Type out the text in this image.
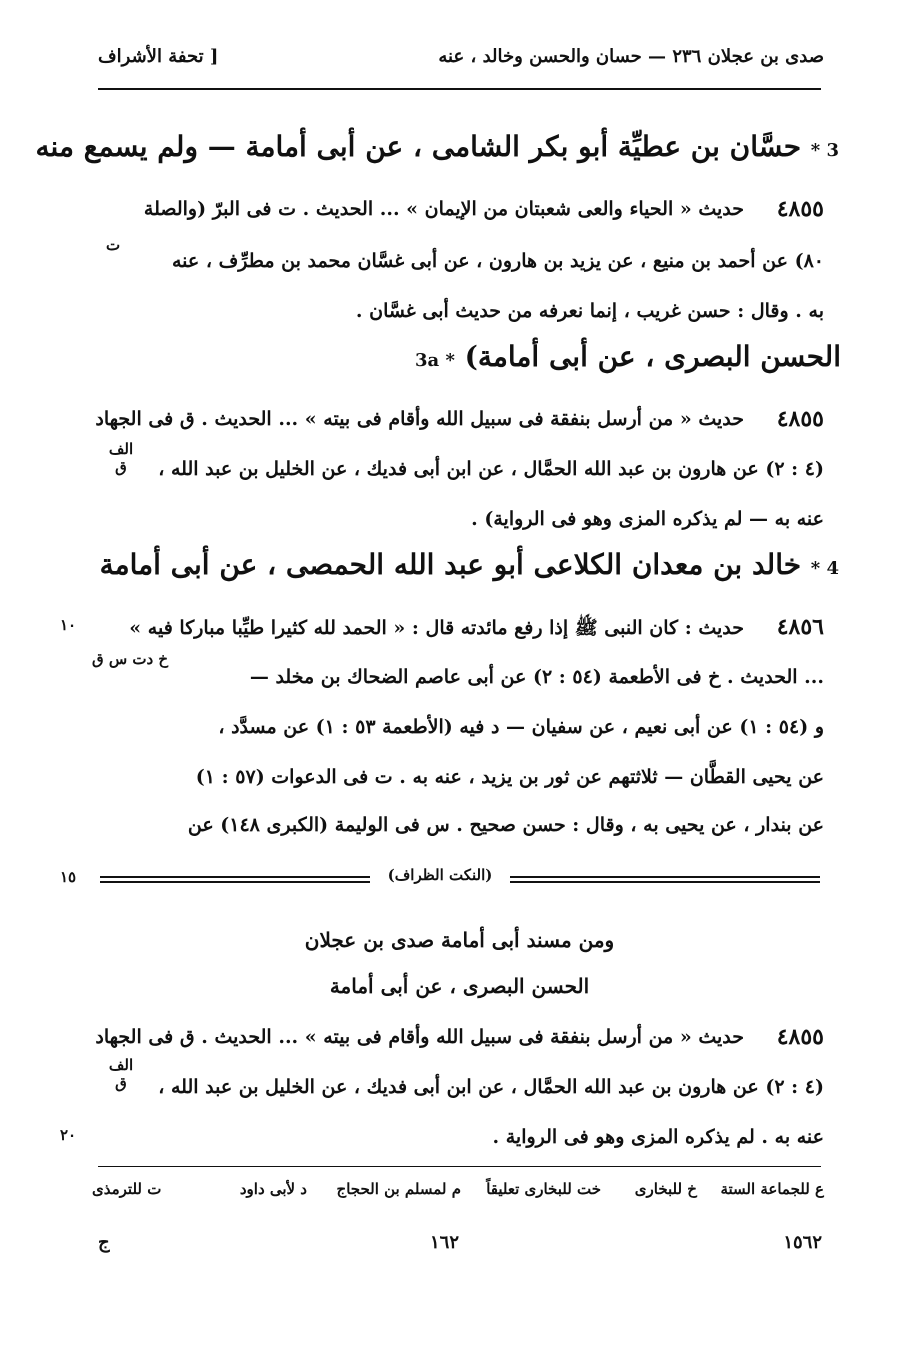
صدى بن عجلان ٢٣٦ — حسان والحسن وخالد ، عنه
[ تحفة الأشراف
3 * حسَّان بن عطيِّة أبو بكر الشامى ، عن أبى أمامة — ولم يسمع منه
٤٨٥٥
حديث « الحياء والعى شعبتان من الإيمان » ... الحديث . ت فى البرّ (والصلة
ت
٨٠) عن أحمد بن منيع ، عن يزيد بن هارون ، عن أبى غسَّان محمد بن مطرِّف ، عنه
به . وقال : حسن غريب ، إنما نعرفه من حديث أبى غسَّان .
3a * (الحسن البصرى ، عن أبى أمامة
٤٨٥٥
حديث « من أرسل بنفقة فى سبيل الله وأقام فى بيته » ... الحديث . ق فى الجهاد
الف ق	(٤ : ٢) عن هارون بن عبد الله الحمَّال ، عن ابن أبى فديك ، عن الخليل بن عبد الله ،
عنه به — لم يذكره المزى وهو فى الرواية) .
4 * خالد بن معدان الكلاعى أبو عبد الله الحمصى ، عن أبى أمامة
٤٨٥٦
حديث : كان النبى ﷺ إذا رفع مائدته قال : « الحمد لله كثيرا طيِّبا مباركا فيه »
١٠
خ دت س ق
... الحديث . خ فى الأطعمة (٥٤ : ٢) عن أبى عاصم الضحاك بن مخلد —
و (٥٤ : ١) عن أبى نعيم ، عن سفيان — د فيه (الأطعمة ٥٣ : ١) عن مسدَّد ،
عن يحيى القطَّان — ثلاثتهم عن ثور بن يزيد ، عنه به . ت فى الدعوات (٥٧ : ١)
عن بندار ، عن يحيى به ، وقال : حسن صحيح . س فى الوليمة (الكبرى ١٤٨) عن
١٥	(النكت الظراف)
ومن مسند أبى أمامة صدى بن عجلان
الحسن البصرى ، عن أبى أمامة
٤٨٥٥
حديث « من أرسل بنفقة فى سبيل الله وأقام فى بيته » ... الحديث . ق فى الجهاد
الف ق	(٤ : ٢) عن هارون بن عبد الله الحمَّال ، عن ابن أبى فديك ، عن الخليل بن عبد الله ،
٢٠	عنه به . لم يذكره المزى وهو فى الرواية .
ع للجماعة الستة
خ للبخارى
خت للبخارى تعليقاً
م لمسلم بن الحجاج
د لأبى داود
ت للترمذى
١٥٦٢
١٦٢
ج
